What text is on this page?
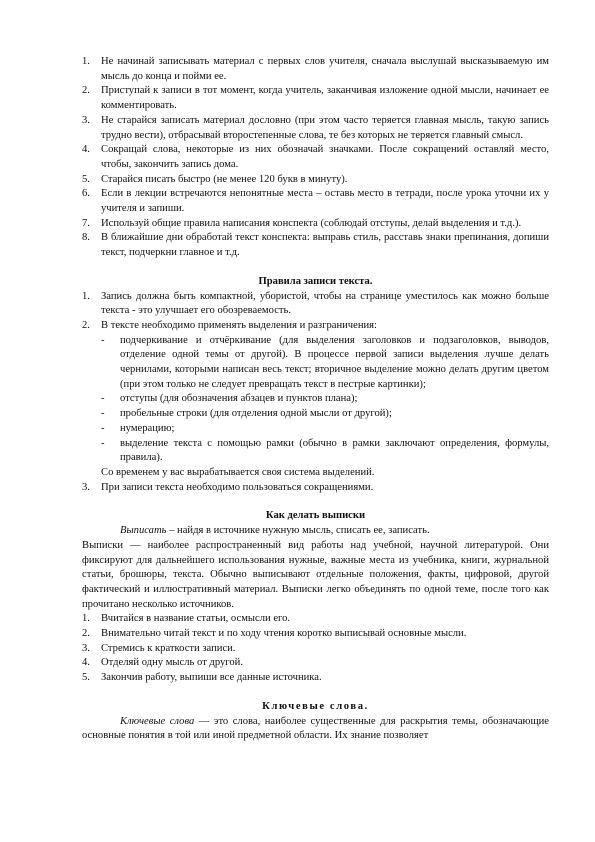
1. Не начинай записывать материал с первых слов учителя, сначала выслушай высказываемую им мысль до конца и пойми ее.
2. Приступай к записи в тот момент, когда учитель, заканчивая изложение одной мысли, начинает ее комментировать.
3. Не старайся записать материал дословно (при этом часто теряется главная мысль, такую запись трудно вести), отбрасывай второстепенные слова, те без которых не теряется главный смысл.
4. Сокращай слова, некоторые из них обозначай значками. После сокращений оставляй место, чтобы, закончить запись дома.
5. Старайся писать быстро (не менее 120 букв в минуту).
6. Если в лекции встречаются непонятные места – оставь место в тетради, после урока уточни их у учителя и запиши.
7. Используй общие правила написания конспекта (соблюдай отступы, делай выделения и т.д.).
8. В ближайшие дни обработай текст конспекта: выправь стиль, расставь знаки препинания, допиши текст, подчеркни главное и т.д.
Правила записи текста.
1. Запись должна быть компактной, убористой, чтобы на странице уместилось как можно больше текста - это улучшает его обозреваемость.
2. В тексте необходимо применять выделения и разграничения:
- подчеркивание и отчёркивание (для выделения заголовков и подзаголовков, выводов, отделение одной темы от другой). В процессе первой записи выделения лучше делать чернилами, которыми написан весь текст; вторичное выделение можно делать другим цветом (при этом только не следует превращать текст в пестрые картинки);
- отступы (для обозначения абзацев и пунктов плана);
- пробельные строки (для отделения одной мысли от другой);
- нумерацию;
- выделение текста с помощью рамки (обычно в рамки заключают определения, формулы, правила).
Со временем у вас вырабатывается своя система выделений.
3. При записи текста необходимо пользоваться сокращениями.
Как делать выписки
Выписать – найдя в источнике нужную мысль, списать ее, записать.
Выписки — наиболее распространенный вид работы над учебной, научной литературой. Они фиксируют для дальнейшего использования нужные, важные места из учебника, книги, журнальной статьи, брошюры, текста. Обычно выписывают отдельные положения, факты, цифровой, другой фактический и иллюстративный материал. Выписки легко объединять по одной теме, после того как прочитано несколько источников.
1. Вчитайся в название статьи, осмысли его.
2. Внимательно читай текст и по ходу чтения коротко выписывай основные мысли.
3. Стремись к краткости записи.
4. Отделяй одну мысль от другой.
5. Закончив работу, выпиши все данные источника.
Ключевые слова.
Ключевые слова — это слова, наиболее существенные для раскрытия темы, обозначающие основные понятия в той или иной предметной области. Их знание позволяет
